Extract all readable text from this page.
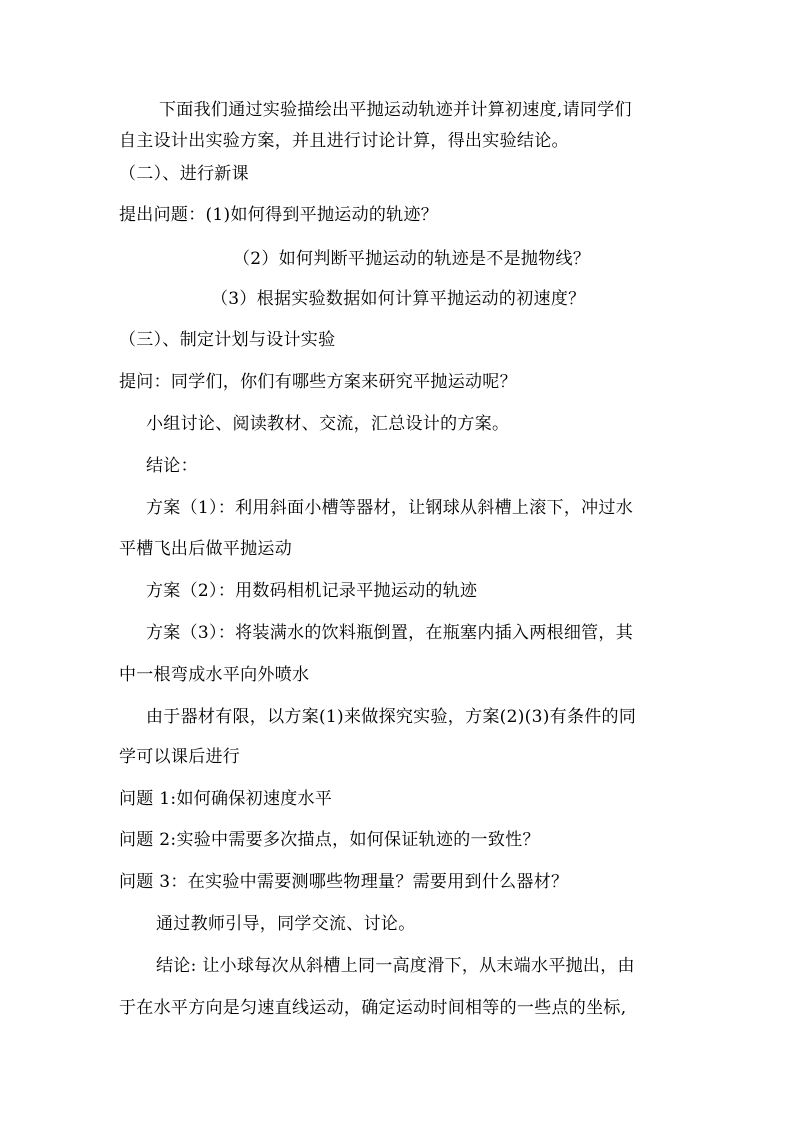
下面我们通过实验描绘出平抛运动轨迹并计算初速度,请同学们
自主设计出实验方案，并且进行讨论计算，得出实验结论。
（二）、进行新课
提出问题：(1)如何得到平抛运动的轨迹？
（2）如何判断平抛运动的轨迹是不是抛物线？
（3）根据实验数据如何计算平抛运动的初速度？
（三）、制定计划与设计实验
提问：同学们，你们有哪些方案来研究平抛运动呢？
小组讨论、阅读教材、交流，汇总设计的方案。
结论：
方案（1）：利用斜面小槽等器材，让钢球从斜槽上滚下，冲过水
平槽飞出后做平抛运动
方案（2）：用数码相机记录平抛运动的轨迹
方案（3）：将装满水的饮料瓶倒置，在瓶塞内插入两根细管，其
中一根弯成水平向外喷水
由于器材有限，以方案(1)来做探究实验，方案(2)(3)有条件的同
学可以课后进行
问题 1:如何确保初速度水平
问题 2:实验中需要多次描点，如何保证轨迹的一致性？
问题 3：在实验中需要测哪些物理量？需要用到什么器材？
通过教师引导，同学交流、讨论。
结论: 让小球每次从斜槽上同一高度滑下，从末端水平抛出，由
于在水平方向是匀速直线运动，确定运动时间相等的一些点的坐标,
